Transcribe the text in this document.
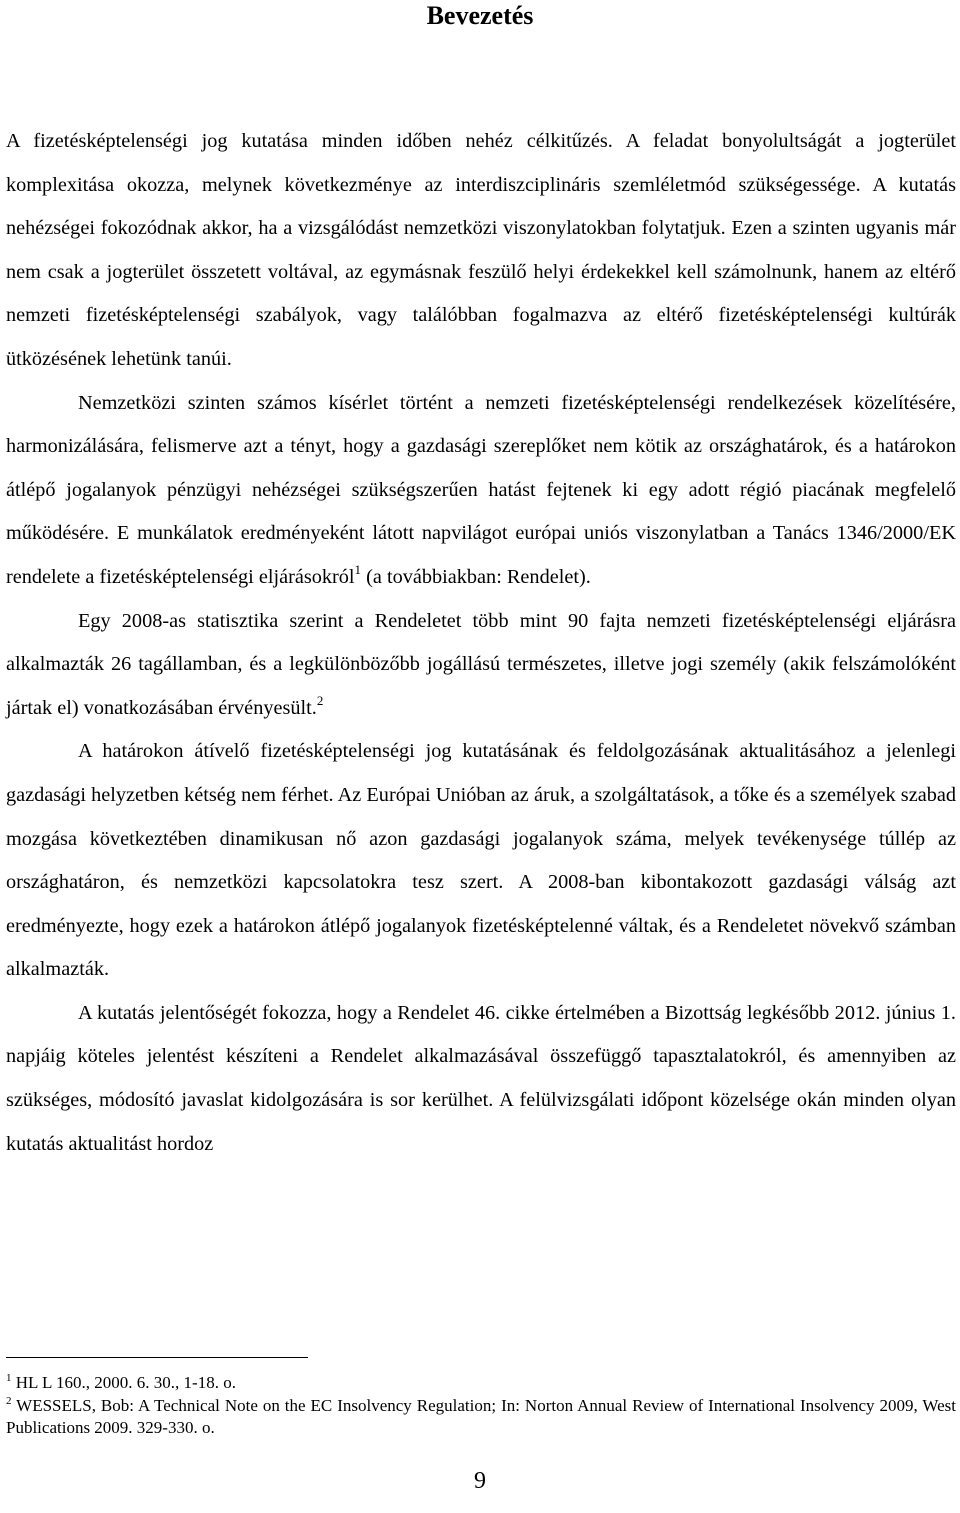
Bevezetés

A fizetésképtelenségi jog kutatása minden időben nehéz célkitűzés. A feladat bonyolultságát a jogterület komplexitása okozza, melynek következménye az interdiszciplináris szemléletmód szükségessége. A kutatás nehézségei fokozódnak akkor, ha a vizsgálódást nemzetközi viszonylatokban folytatjuk. Ezen a szinten ugyanis már nem csak a jogterület összetett voltával, az egymásnak feszülő helyi érdekekkel kell számolnunk, hanem az eltérő nemzeti fizetésképtelenségi szabályok, vagy találóbban fogalmazva az eltérő fizetésképtelenségi kultúrák ütközésének lehetünk tanúi.

Nemzetközi szinten számos kísérlet történt a nemzeti fizetésképtelenségi rendelkezések közelítésére, harmonizálására, felismerve azt a tényt, hogy a gazdasági szereplőket nem kötik az országhatárok, és a határokon átlépő jogalanyok pénzügyi nehézségei szükségszerűen hatást fejtenek ki egy adott régió piacának megfelelő működésére. E munkálatok eredményeként látott napvilágot európai uniós viszonylatban a Tanács 1346/2000/EK rendelete a fizetésképtelenségi eljárásokról$^1$ (a továbbiakban: Rendelet).

Egy 2008-as statisztika szerint a Rendeletet több mint 90 fajta nemzeti fizetésképtelenségi eljárásra alkalmazták 26 tagállamban, és a legkülönbözőbb jogállású természetes, illetve jogi személy (akik felszámolóként jártak el) vonatkozásában érvényesült.$^2$

A határokon átívelő fizetésképtelenségi jog kutatásának és feldolgozásának aktualitásához a jelenlegi gazdasági helyzetben kétség nem férhet. Az Európai Unióban az áruk, a szolgáltatások, a tőke és a személyek szabad mozgása következtében dinamikusan nő azon gazdasági jogalanyok száma, melyek tevékenysége túllép az országhatáron, és nemzetközi kapcsolatokra tesz szert. A 2008-ban kibontakozott gazdasági válság azt eredményezte, hogy ezek a határokon átlépő jogalanyok fizetésképtelenné váltak, és a Rendeletet növekvő számban alkalmazták.

A kutatás jelentőségét fokozza, hogy a Rendelet 46. cikke értelmében a Bizottság legkésőbb 2012. június 1. napjáig köteles jelentést készíteni a Rendelet alkalmazásával összefüggő tapasztalatokról, és amennyiben az szükséges, módosító javaslat kidolgozására is sor kerülhet. A felülvizsgálati időpont közelsége okán minden olyan kutatás aktualitást hordoz

$^1$ HL L 160., 2000. 6. 30., 1-18. o.

$^2$ WESSELS, Bob: A Technical Note on the EC Insolvency Regulation; In: Norton Annual Review of International Insolvency 2009, West Publications 2009. 329-330. o.

9
